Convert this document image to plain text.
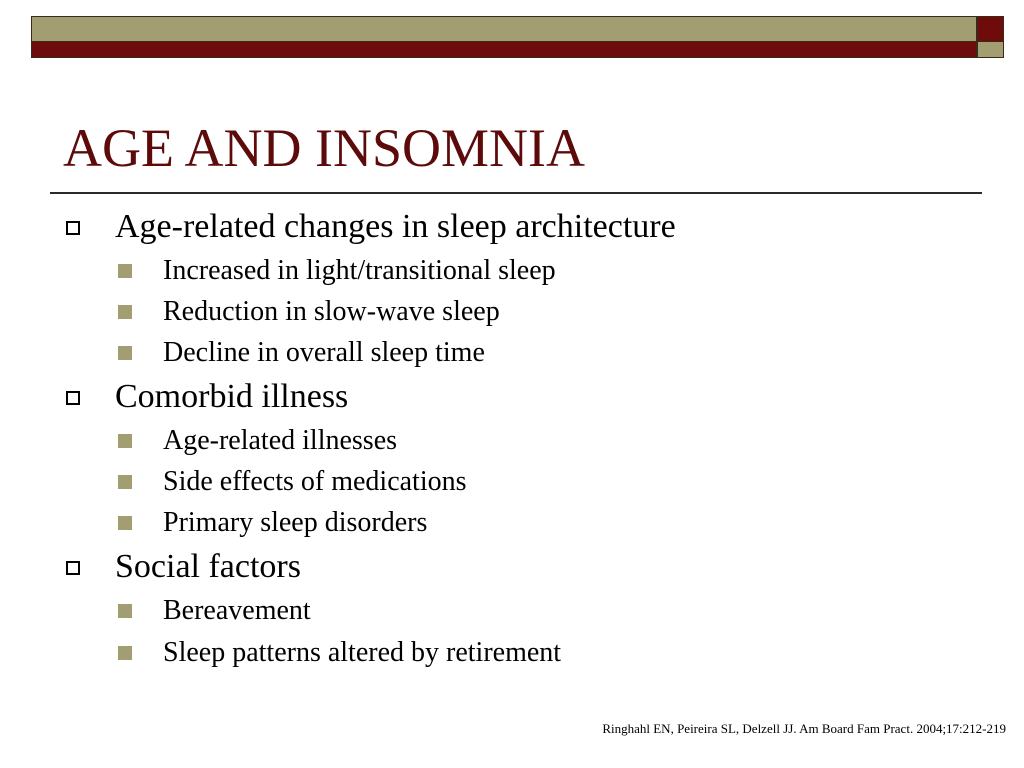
AGE AND INSOMNIA
Age-related changes in sleep architecture
Increased in light/transitional sleep
Reduction in slow-wave sleep
Decline in overall sleep time
Comorbid illness
Age-related illnesses
Side effects of medications
Primary sleep disorders
Social factors
Bereavement
Sleep patterns altered by retirement
Ringhahl EN, Peireira SL, Delzell JJ. Am Board Fam Pract. 2004;17:212-219
